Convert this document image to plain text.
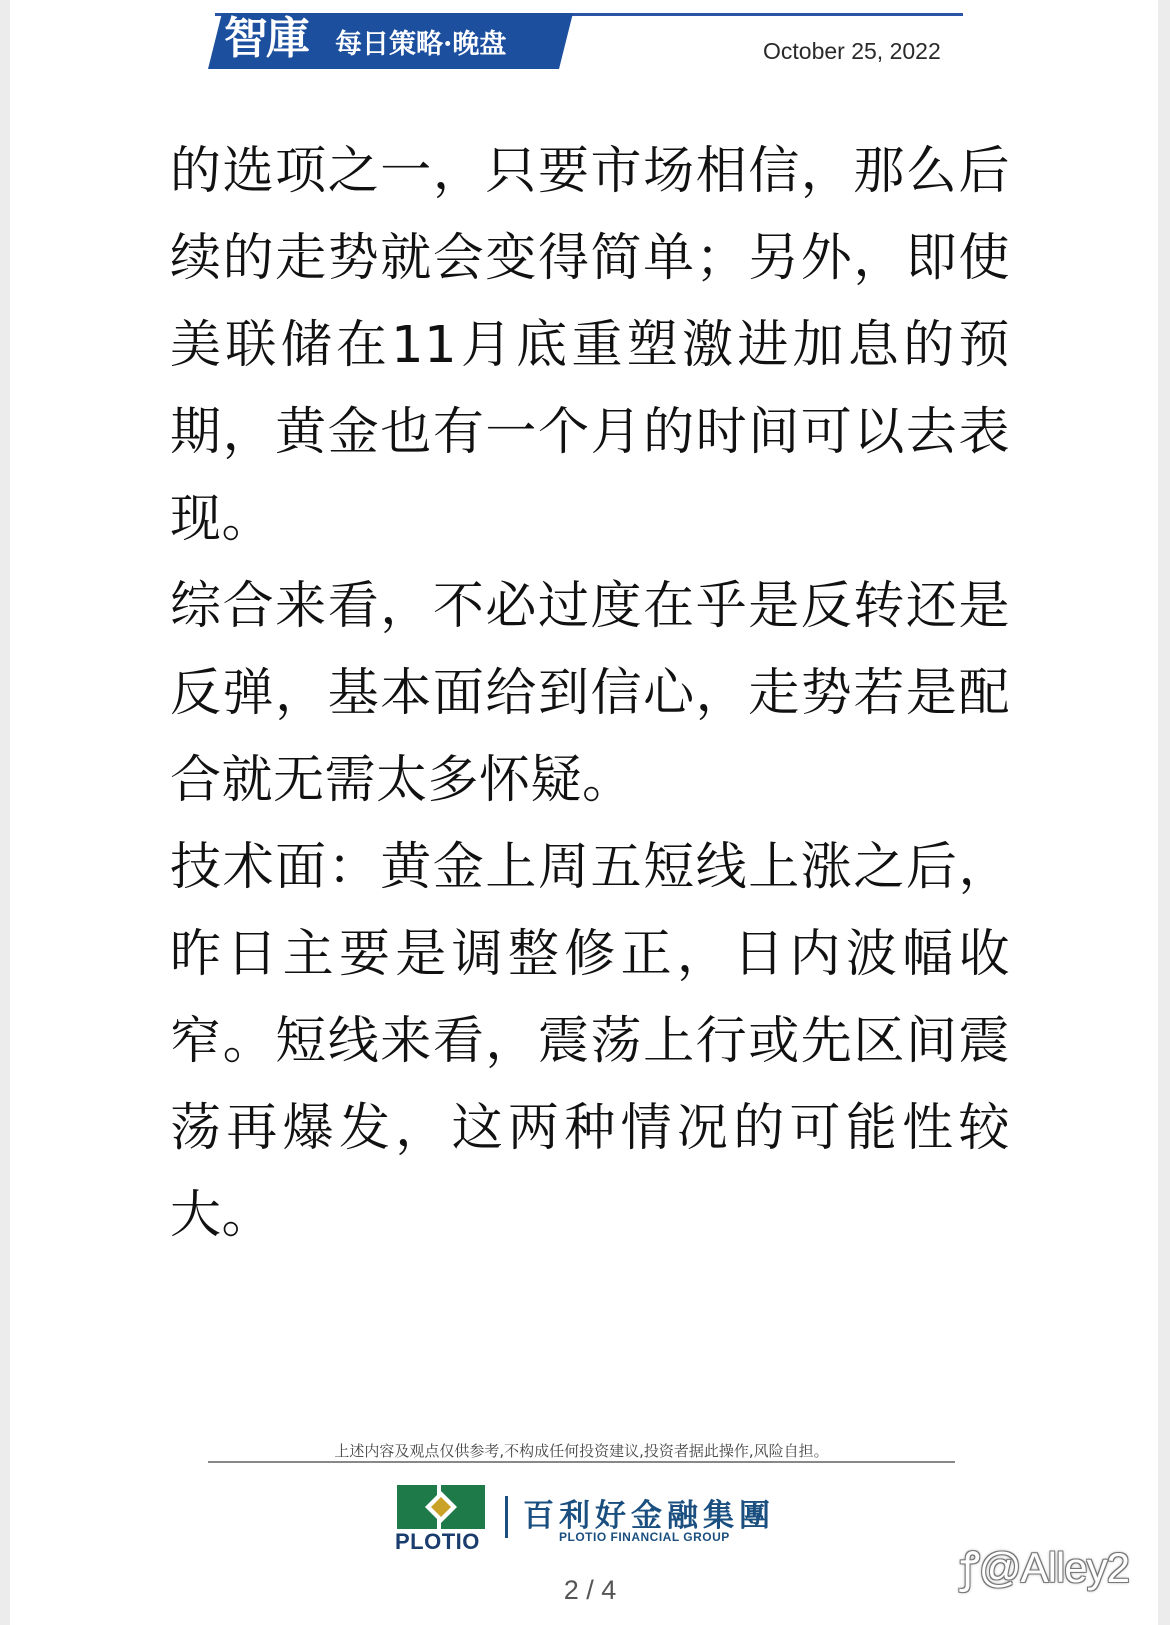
智庫 每日策略·晚盘	October 25, 2022

的选项之一，只要市场相信，那么后续的走势就会变得简单；另外，即使美联储在11月底重塑激进加息的预期，黄金也有一个月的时间可以去表现。

综合来看，不必过度在乎是反转还是反弹，基本面给到信心，走势若是配合就无需太多怀疑。

技术面：黄金上周五短线上涨之后，昨日主要是调整修正，日内波幅收窄。短线来看，震荡上行或先区间震荡再爆发，这两种情况的可能性较大。

上述内容及观点仅供参考,不构成任何投资建议,投资者据此操作,风险自担。
PLOTIO
百利好金融集團
PLOTIO FINANCIAL GROUP
2 / 4	ꝭ@Alley2
